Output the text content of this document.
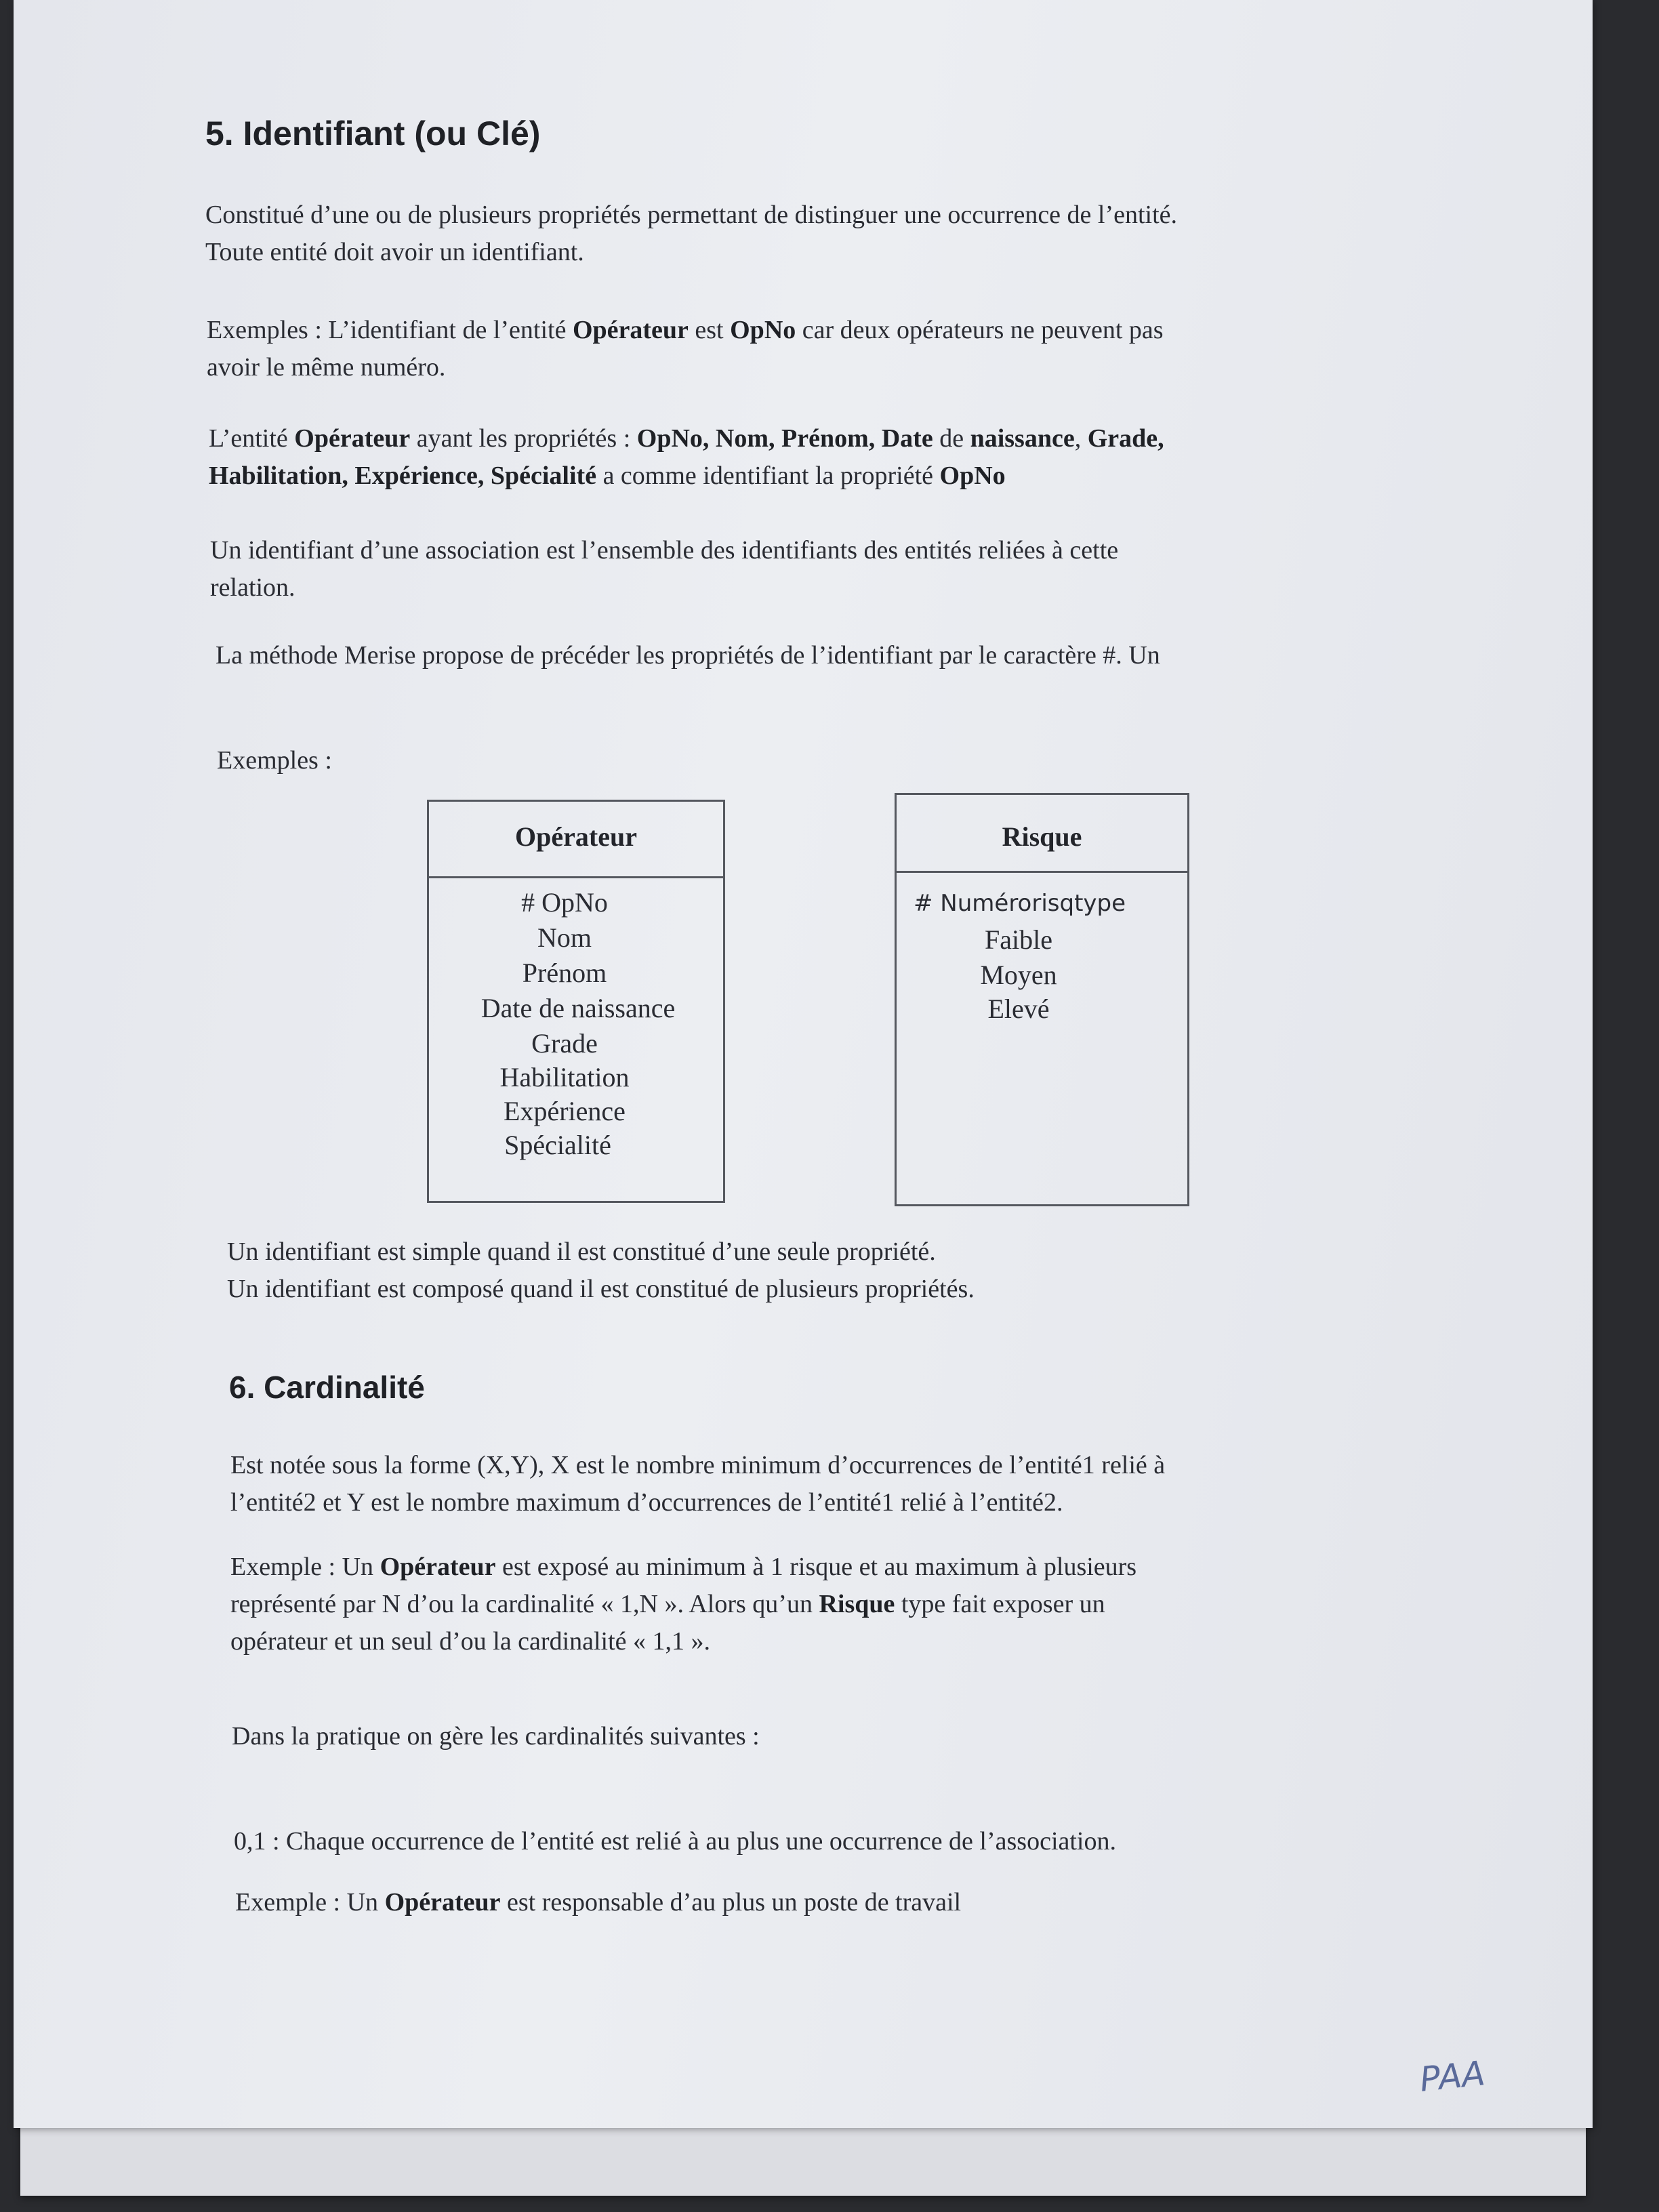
5. Identifiant (ou Clé)
Constitué d’une ou de plusieurs propriétés permettant de distinguer une occurrence de l’entité.
Toute entité doit avoir un identifiant.
Exemples : L’identifiant de l’entité Opérateur est OpNo car deux opérateurs ne peuvent pas
avoir le même numéro.
L’entité Opérateur ayant les propriétés : OpNo, Nom, Prénom, Date de naissance, Grade,
Habilitation, Expérience, Spécialité a comme identifiant la propriété OpNo
Un identifiant d’une association est l’ensemble des identifiants des entités reliées à cette
relation.
La méthode Merise propose de précéder les propriétés de l’identifiant par le caractère #. Un
Exemples :
Opérateur
# OpNo
Nom
Prénom
Date de naissance
Grade
Habilitation
Expérience
Spécialité
Risque
# Numérorisqtype
Faible
Moyen
Elevé
Un identifiant est simple quand il est constitué d’une seule propriété.
Un identifiant est composé quand il est constitué de plusieurs propriétés.
6. Cardinalité
Est notée sous la forme (X,Y), X est le nombre minimum d’occurrences de l’entité1 relié à
l’entité2 et Y est le nombre maximum d’occurrences de l’entité1 relié à l’entité2.
Exemple : Un Opérateur est exposé au minimum à 1 risque et au maximum à plusieurs
représenté par N d’ou la cardinalité « 1,N ». Alors qu’un Risque type fait exposer un
opérateur et un seul d’ou la cardinalité « 1,1 ».
Dans la pratique on gère les cardinalités suivantes :
0,1 : Chaque occurrence de l’entité est relié à au plus une occurrence de l’association.
Exemple : Un Opérateur est responsable d’au plus un poste de travail
PAA
